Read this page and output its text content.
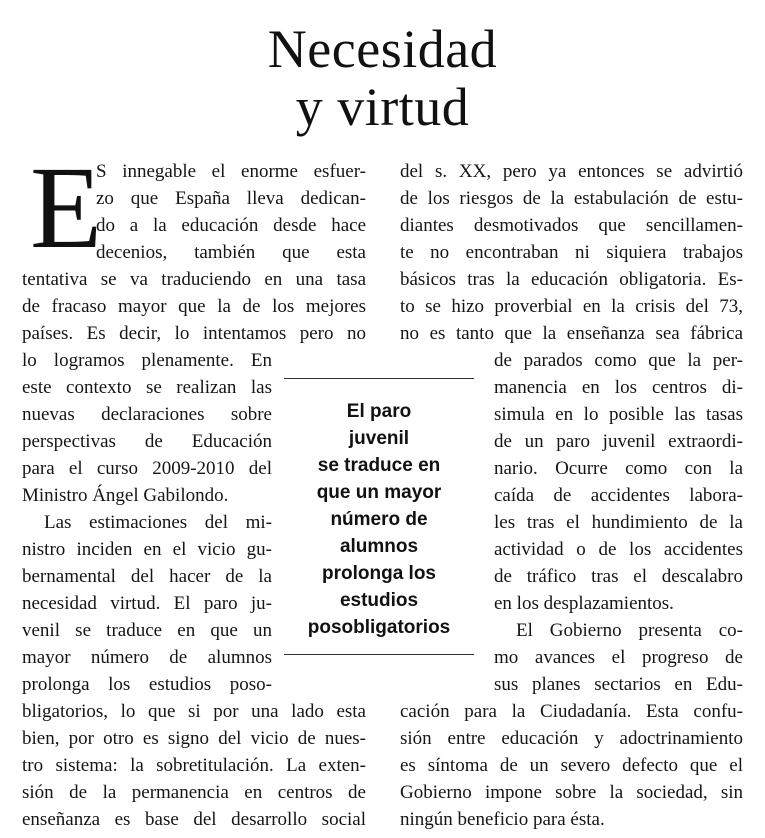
Necesidad
y virtud
E
S innegable el enorme esfuer-
zo que España lleva dedican-
do a la educación desde hace
decenios, también que esta
tentativa se va traduciendo en una tasa
de fracaso mayor que la de los mejores
países. Es decir, lo intentamos pero no
lo logramos plenamente. En
este contexto se realizan las
nuevas declaraciones sobre
perspectivas de Educación
para el curso 2009-2010 del
Ministro Ángel Gabilondo.
Las estimaciones del mi-
nistro inciden en el vicio gu-
bernamental del hacer de la
necesidad virtud. El paro ju-
venil se traduce en que un
mayor número de alumnos
prolonga los estudios poso-
bligatorios, lo que si por una lado esta
bien, por otro es signo del vicio de nues-
tro sistema: la sobretitulación. La exten-
sión de la permanencia en centros de
enseñanza es base del desarrollo social
El paro
juvenil
se traduce en
que un mayor
número de
alumnos
prolonga los
estudios
posobligatorios
del s. XX, pero ya entonces se advirtió
de los riesgos de la estabulación de estu-
diantes desmotivados que sencillamen-
te no encontraban ni siquiera trabajos
básicos tras la educación obligatoria. Es-
to se hizo proverbial en la crisis del 73,
no es tanto que la enseñanza sea fábrica
de parados como que la per-
manencia en los centros di-
simula en lo posible las tasas
de un paro juvenil extraordi-
nario. Ocurre como con la
caída de accidentes labora-
les tras el hundimiento de la
actividad o de los accidentes
de tráfico tras el descalabro
en los desplazamientos.
El Gobierno presenta co-
mo avances el progreso de
sus planes sectarios en Edu-
cación para la Ciudadanía. Esta confu-
sión entre educación y adoctrinamiento
es síntoma de un severo defecto que el
Gobierno impone sobre la sociedad, sin
ningún beneficio para ésta.
